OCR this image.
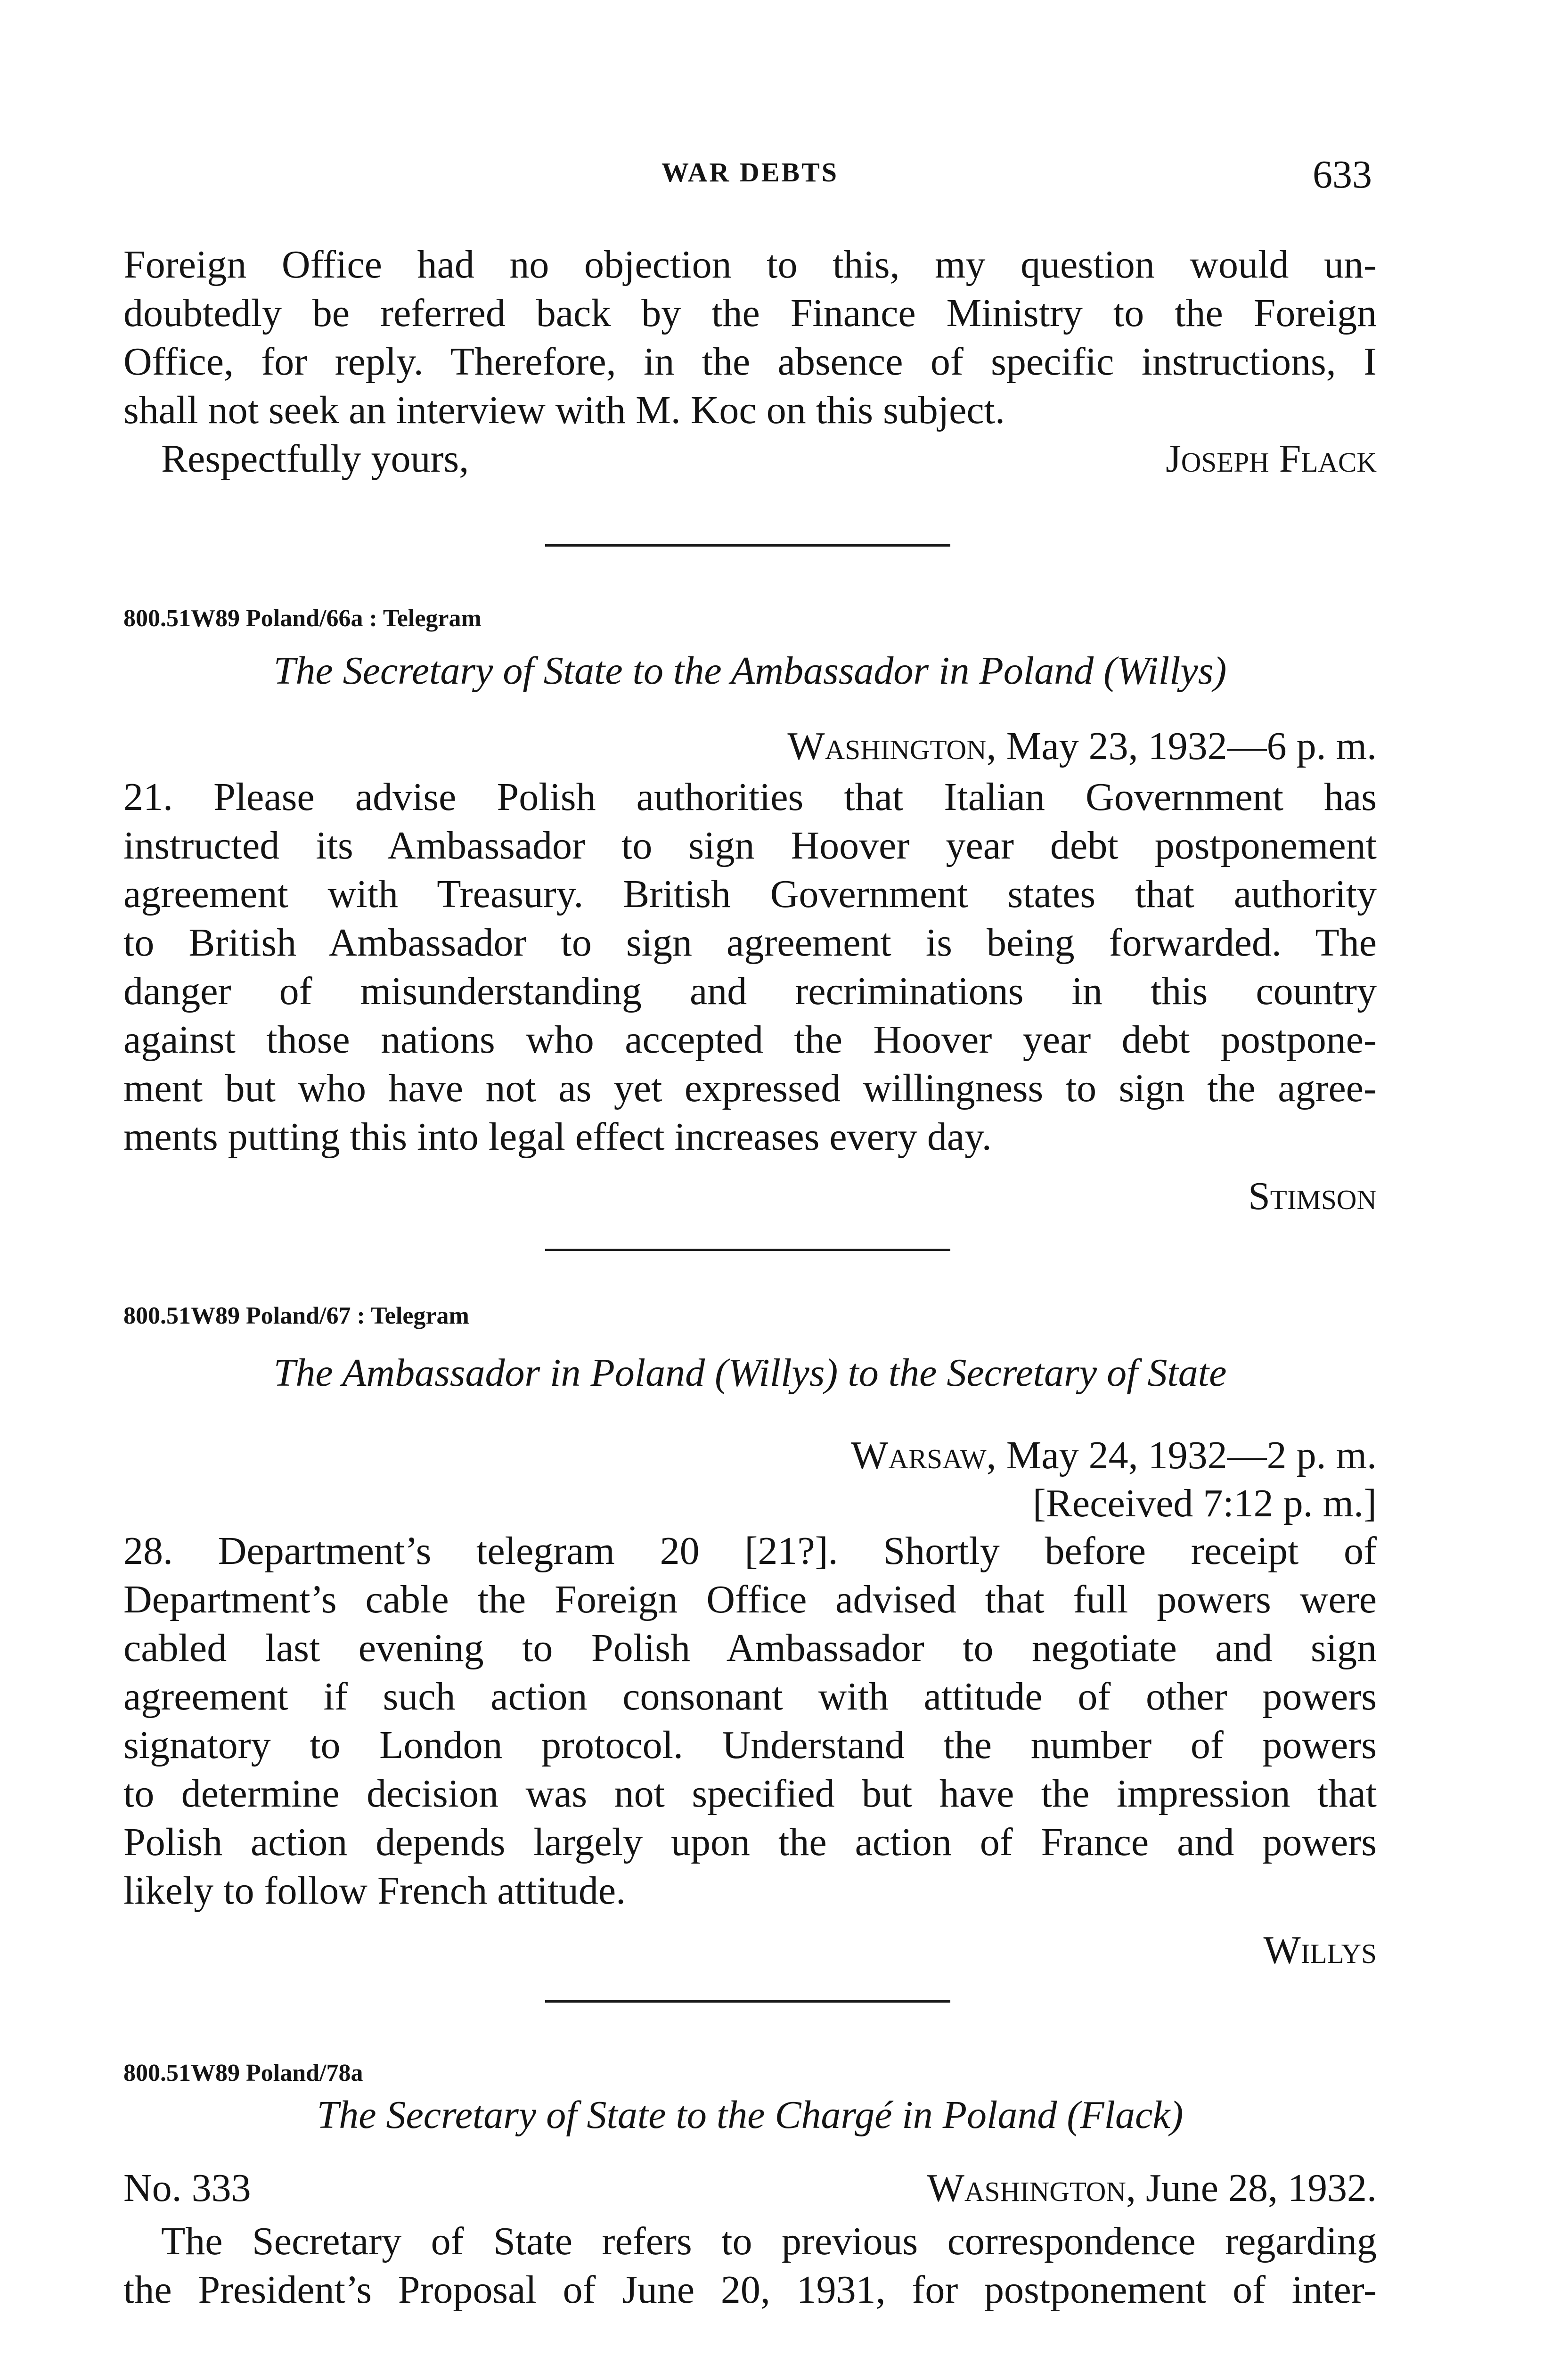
WAR DEBTS	633
Foreign Office had no objection to this, my question would un-
doubtedly be referred back by the Finance Ministry to the Foreign
Office, for reply. Therefore, in the absence of specific instructions, I
shall not seek an interview with M. Koc on this subject.
Respectfully yours,	Joseph Flack
800.51W89 Poland/66a : Telegram
The Secretary of State to the Ambassador in Poland (Willys)
Washington, May 23, 1932—6 p. m.
21. Please advise Polish authorities that Italian Government has
instructed its Ambassador to sign Hoover year debt postponement
agreement with Treasury. British Government states that authority
to British Ambassador to sign agreement is being forwarded. The
danger of misunderstanding and recriminations in this country
against those nations who accepted the Hoover year debt postpone-
ment but who have not as yet expressed willingness to sign the agree-
ments putting this into legal effect increases every day.
Stimson
800.51W89 Poland/67 : Telegram
The Ambassador in Poland (Willys) to the Secretary of State
Warsaw, May 24, 1932—2 p. m.
[Received 7:12 p. m.]
28. Department’s telegram 20 [21?]. Shortly before receipt of
Department’s cable the Foreign Office advised that full powers were
cabled last evening to Polish Ambassador to negotiate and sign
agreement if such action consonant with attitude of other powers
signatory to London protocol. Understand the number of powers
to determine decision was not specified but have the impression that
Polish action depends largely upon the action of France and powers
likely to follow French attitude.
Willys
800.51W89 Poland/78a
The Secretary of State to the Chargé in Poland (Flack)
No. 333	Washington, June 28, 1932.
The Secretary of State refers to previous correspondence regarding
the President’s Proposal of June 20, 1931, for postponement of inter-
